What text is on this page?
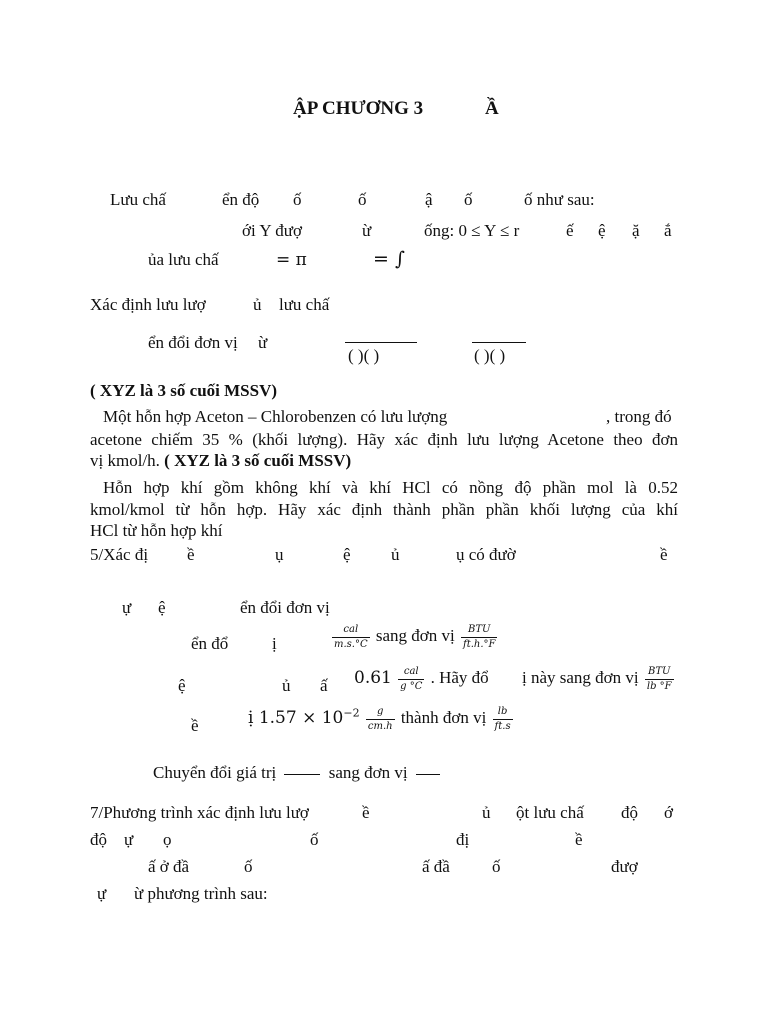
ẬP CHƯƠNG 3	Ầ
Lưu chấ	ển độ ố	ố	ậ ố	ố như sau:
ới Y đượ	ừ	ống: 0 ≤ Y ≤ r	ế ệ ặ ắ
ủa lưu chấ	= π	= ∫
Xác định lưu lượ	ủ lưu chấ
ển đổi đơn vị ừ
( )( )	( )( )
( XYZ là 3 số cuối MSSV)
Một hỗn hợp Aceton – Chlorobenzen có lưu lượng	, trong đó
acetone chiếm 35 % (khối lượng). Hãy xác định lưu lượng Acetone theo đơn
vị kmol/h. ( XYZ là 3 số cuối MSSV)
Hỗn hợp khí gồm không khí và khí HCl có nồng độ phần mol là 0.52
kmol/kmol từ hỗn hợp. Hãy xác định thành phần phần khối lượng của khí
HCl từ hỗn hợp khí
5/Xác đị ề	ụ	ệ ủ	ụ có đườ	ề
ự ệ	ển đổi đơn vị
ển đổ	ị	$\frac{\text{cal}}{m.s.^\circ C}$ sang đơn vị $\frac{\text{BTU}}{ft.h.^\circ F}$
ệ	ủ ấ $0.61 \frac{\text{cal}}{g ^\circ C}$ . Hãy đổ ị này sang đơn vị $\frac{\text{BTU}}{lb ^\circ F}$
ề	ị $1.57 \times 10^{-2} \frac{g}{cm.h}$ thành đơn vị $\frac{lb}{ft.s}$
Chuyển đổi giá trị	sang đơn vị
7/Phương trình xác định lưu lượ	ề	ủ ột lưu chấ độ ớ
độ ự ọ	ố	đị	ề
ấ ở đầ	ố	ấ đầ ố	đượ
ự ừ phương trình sau:
